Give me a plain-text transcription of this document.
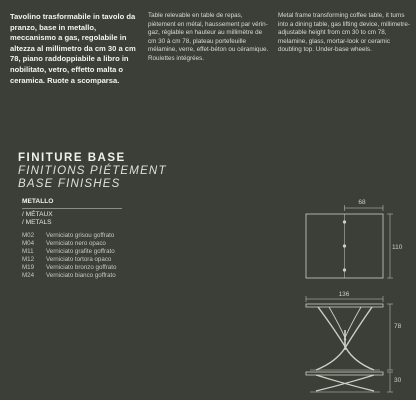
Tavolino trasformabile in tavolo da pranzo, base in metallo, meccanismo a gas, regolabile in altezza al millimetro da cm 30 a cm 78, piano raddoppiabile a libro in nobilitato, vetro, effetto malta o ceramica. Ruote a scomparsa.
Table relevable en table de repas, piètement en métal, haussement par vérin-gaz, réglable en hauteur au millimètre de cm 30 à cm 78, plateau portefeuille mélamine, verre, effet-béton ou céramique. Roulettes intégrées.
Metal frame transforming coffee table, it turns into a dining table, gas lifting device, millimetre-adjustable height from cm 30 to cm 78, melamine, glass, mortar-look or ceramic doubling top. Under-base wheels.
FINITURE BASE
FINITIONS PIÉTEMENT
BASE FINISHES
METALLO
/ MÉTAUX
/ METALS
M02	Verniciato grisou goffrato
M04	Verniciato nero opaco
M11	Verniciato grafite goffrato
M12	Verniciato tortora opaco
M19	Verniciato bronzo goffrato
M24	Verniciato bianco goffrato
68
110
136
78
30
